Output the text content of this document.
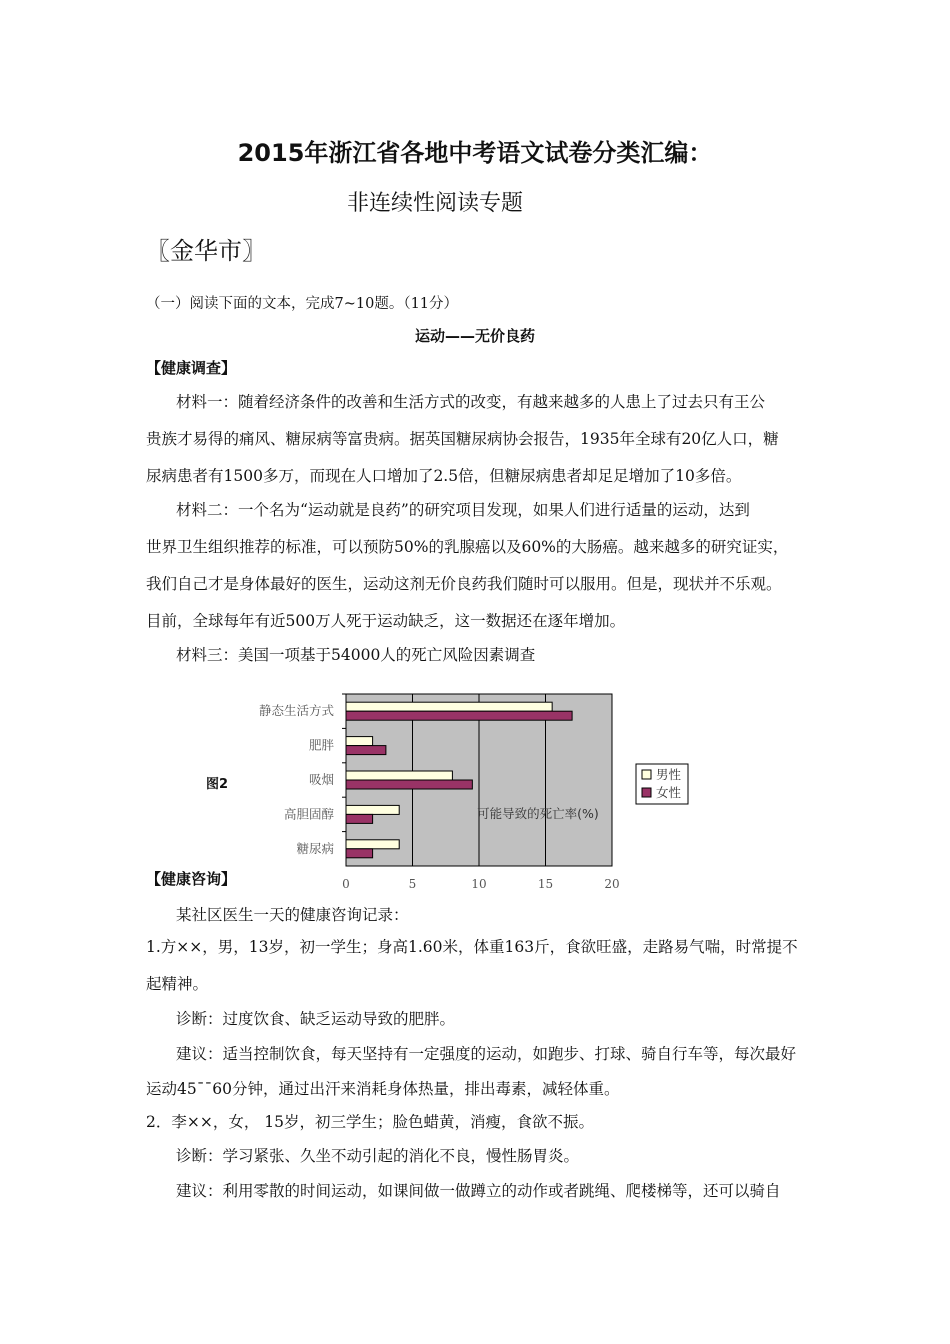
2015年浙江省各地中考语文试卷分类汇编：
非连续性阅读专题
〖金华市〗
（一）阅读下面的文本，完成7~10题。（11分）
运动——无价良药
【健康调查】
材料一：随着经济条件的改善和生活方式的改变，有越来越多的人患上了过去只有王公
贵族才易得的痛风、糖尿病等富贵病。据英国糖尿病协会报告，1935年全球有20亿人口，糖
尿病患者有1500多万，而现在人口增加了2.5倍，但糖尿病患者却足足增加了10多倍。
材料二：一个名为“运动就是良药”的研究项目发现，如果人们进行适量的运动，达到
世界卫生组织推荐的标准，可以预防50%的乳腺癌以及60%的大肠癌。越来越多的研究证实，
我们自己才是身体最好的医生，运动这剂无价良药我们随时可以服用。但是，现状并不乐观。
目前，全球每年有近500万人死于运动缺乏，这一数据还在逐年增加。
材料三：美国一项基于54000人的死亡风险因素调查
图2
0	5	10	15	20
静态生活方式
肥胖
吸烟
高胆固醇
糖尿病
可能导致的死亡率(%)
男性
女性
【健康咨询】
某社区医生一天的健康咨询记录：
1.方××，男，13岁，初一学生；身高1.60米，体重163斤，食欲旺盛，走路易气喘，时常提不
起精神。
诊断：过度饮食、缺乏运动导致的肥胖。
建议：适当控制饮食，每天坚持有一定强度的运动，如跑步、打球、骑自行车等，每次最好
运动45¯¯60分钟，通过出汗来消耗身体热量，排出毒素，减轻体重。
2．李××，女， 15岁，初三学生；脸色蜡黄，消瘦，食欲不振。
诊断：学习紧张、久坐不动引起的消化不良，慢性肠胃炎。
建议：利用零散的时间运动，如课间做一做蹲立的动作或者跳绳、爬楼梯等，还可以骑自
